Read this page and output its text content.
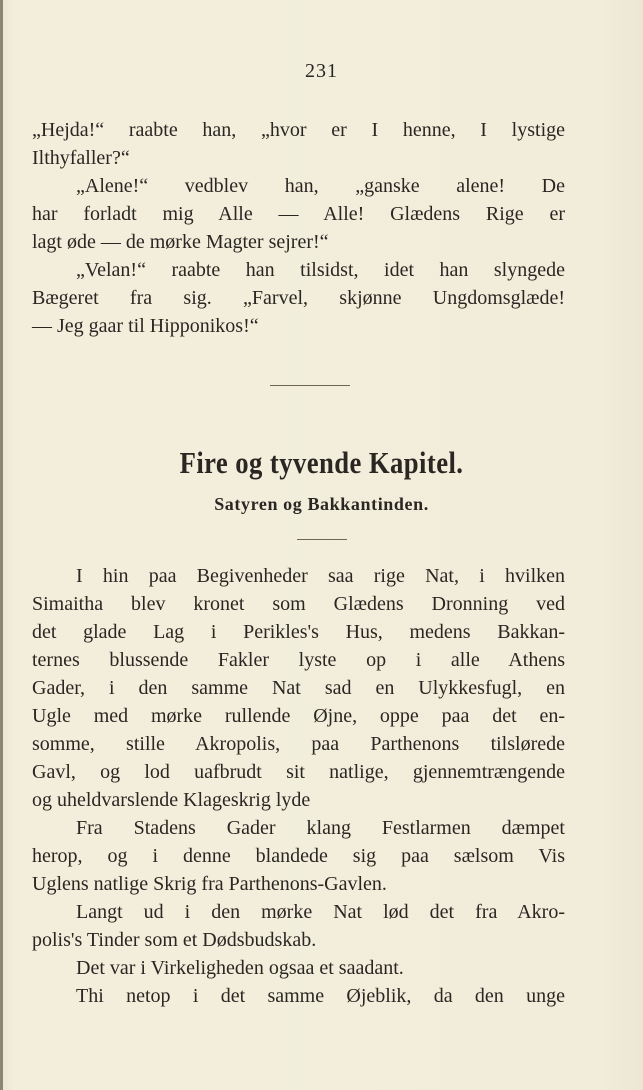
231

„Hejda!“ raabte han, „hvor er I henne, I lystige

Ilthyfaller?“

„Alene!“ vedblev han, „ganske alene! De

har forladt mig Alle — Alle! Glædens Rige er

lagt øde — de mørke Magter sejrer!“

„Velan!“ raabte han tilsidst, idet han slyngede

Bægeret fra sig. „Farvel, skjønne Ungdomsglæde!

— Jeg gaar til Hipponikos!“

Fire og tyvende Kapitel.
Satyren og Bakkantinden.

I hin paa Begivenheder saa rige Nat, i hvilken

Simaitha blev kronet som Glædens Dronning ved

det glade Lag i Perikles's Hus, medens Bakkan-

ternes blussende Fakler lyste op i alle Athens

Gader, i den samme Nat sad en Ulykkesfugl, en

Ugle med mørke rullende Øjne, oppe paa det en-

somme, stille Akropolis, paa Parthenons tilslørede

Gavl, og lod uafbrudt sit natlige, gjennemtrængende

og uheldvarslende Klageskrig lyde

Fra Stadens Gader klang Festlarmen dæmpet

herop, og i denne blandede sig paa sælsom Vis

Uglens natlige Skrig fra Parthenons-Gavlen.

Langt ud i den mørke Nat lød det fra Akro-

polis's Tinder som et Dødsbudskab.

Det var i Virkeligheden ogsaa et saadant.

Thi netop i det samme Øjeblik, da den unge
